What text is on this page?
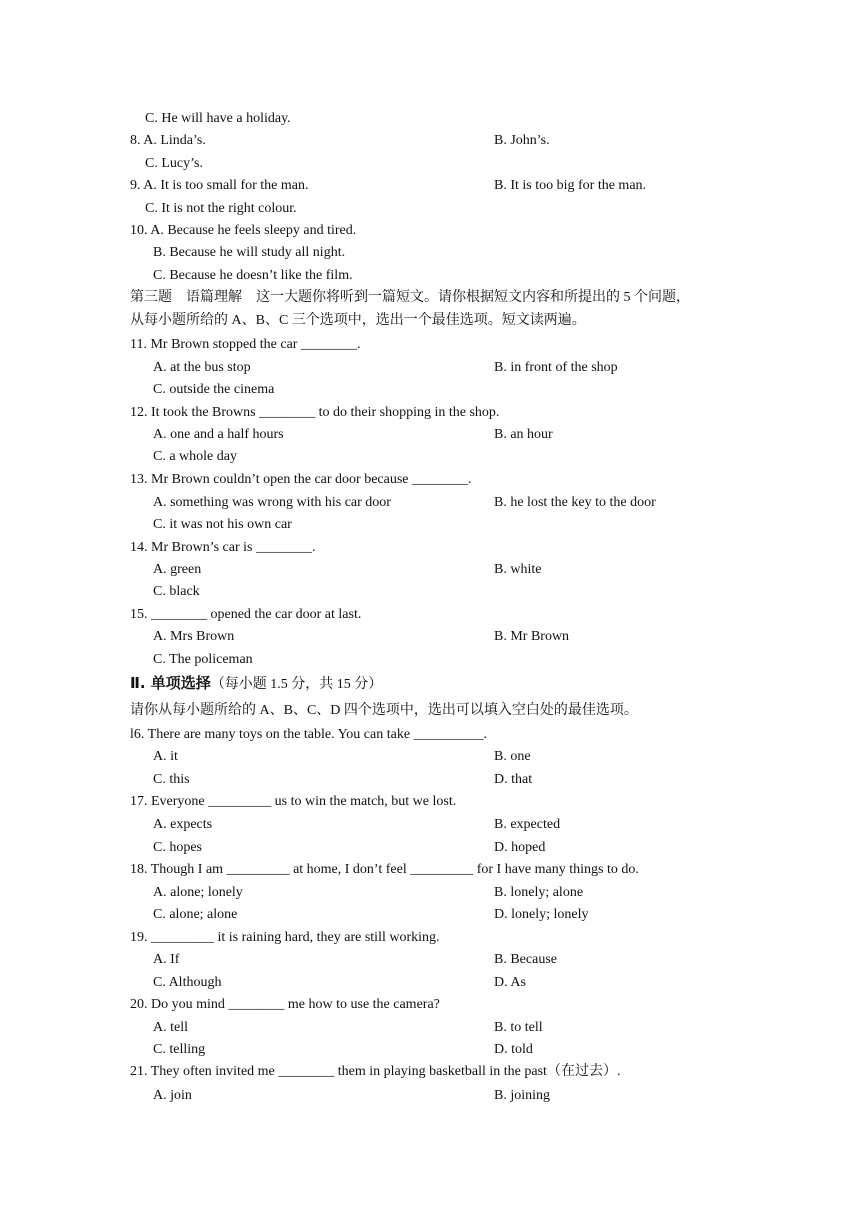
C. He will have a holiday.
8. A. Linda’s.	B. John’s.
C. Lucy’s.
9. A. It is too small for the man.	B. It is too big for the man.
C. It is not the right colour.
10. A. Because he feels sleepy and tired.
B. Because he will study all night.
C. Because he doesn’t like the film.
第三题　语篇理解　这一大题你将听到一篇短文。请你根据短文内容和所提出的 5 个问题，
从每小题所给的 A、B、C 三个选项中，选出一个最佳选项。短文读两遍。
11. Mr Brown stopped the car ________.
A. at the bus stop	B. in front of the shop
C. outside the cinema
12. It took the Browns ________ to do their shopping in the shop.
A. one and a half hours	B. an hour
C. a whole day
13. Mr Brown couldn’t open the car door because ________.
A. something was wrong with his car door	B. he lost the key to the door
C. it was not his own car
14. Mr Brown’s car is ________.
A. green	B. white
C. black
15. ________ opened the car door at last.
A. Mrs Brown	B. Mr Brown
C. The policeman
Ⅱ. 单项选择（每小题 1.5 分，共 15 分）
请你从每小题所给的 A、B、C、D 四个选项中，选出可以填入空白处的最佳选项。
l6. There are many toys on the table. You can take __________.
A. it	B. one
C. this	D. that
17. Everyone _________ us to win the match, but we lost.
A. expects	B. expected
C. hopes	D. hoped
18. Though I am _________ at home, I don’t feel _________ for I have many things to do.
A. alone; lonely	B. lonely; alone
C. alone; alone	D. lonely; lonely
19. _________ it is raining hard, they are still working.
A. If	B. Because
C. Although	D. As
20. Do you mind ________ me how to use the camera?
A. tell	B. to tell
C. telling	D. told
21. They often invited me ________ them in playing basketball in the past（在过去）.
A. join	B. joining
